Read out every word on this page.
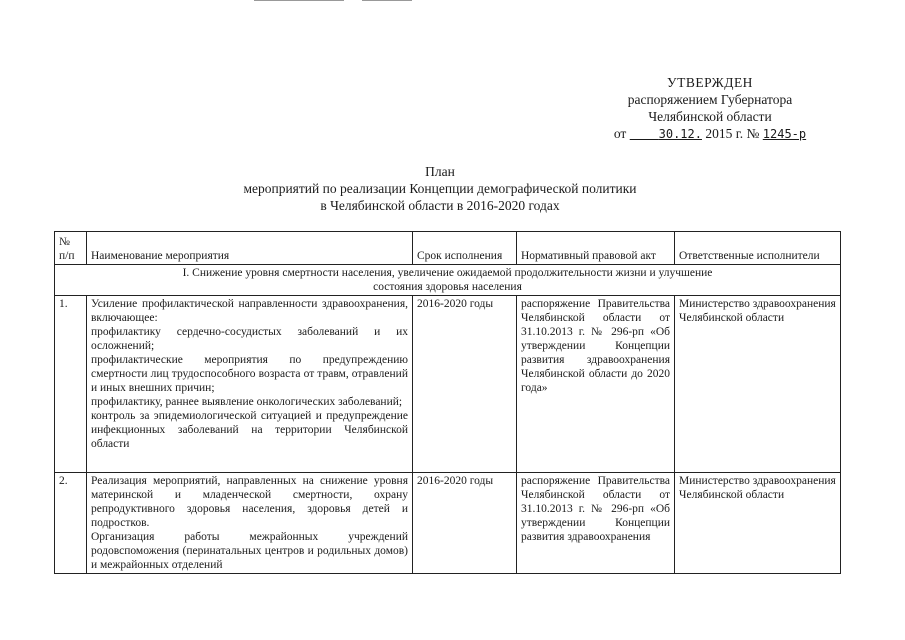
УТВЕРЖДЕН
распоряжением Губернатора
Челябинской области
от	30.12. 2015 г. № 1245-р
План
мероприятий по реализации Концепции демографической политики
в Челябинской области в 2016-2020 годах
№ п/п	Наименование мероприятия	Срок исполнения	Нормативный правовой акт	Ответственные исполнители
I. Снижение уровня смертности населения, увеличение ожидаемой продолжительности жизни и улучшение состояния здоровья населения				
1.	Усиление профилактической направленности здравоохранения, включающее:
профилактику сердечно-сосудистых заболеваний и их осложнений;
профилактические мероприятия по предупреждению смертности лиц трудоспособного возраста от травм, отравлений и иных внешних причин;
профилактику, раннее выявление онкологических заболеваний;
контроль за эпидемиологической ситуацией и предупреждение инфекционных заболеваний на территории Челябинской области	2016-2020 годы	распоряжение Правительства Челябинской области от 31.10.2013 г. № 296-рп «Об утверждении Концепции развития здравоохранения Челябинской области до 2020 года»	Министерство здравоохранения Челябинской области
2.	Реализация мероприятий, направленных на снижение уровня материнской и младенческой смертности, охрану репродуктивного здоровья населения, здоровья детей и подростков.
Организация работы межрайонных учреждений родовспоможения (перинатальных центров и родильных домов) и межрайонных отделений	2016-2020 годы	распоряжение Правительства Челябинской области от 31.10.2013 г. № 296-рп «Об утверждении Концепции развития здравоохранения	Министерство здравоохранения Челябинской области
